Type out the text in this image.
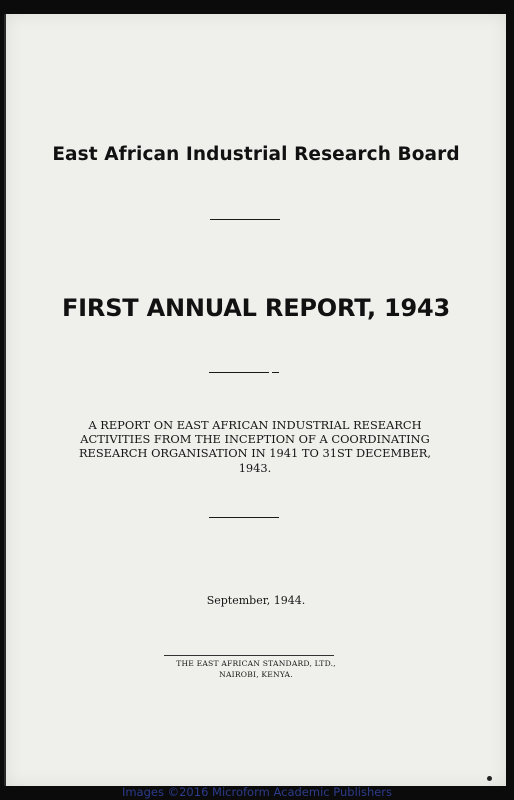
East African Industrial Research Board
FIRST ANNUAL REPORT, 1943
A REPORT ON EAST AFRICAN INDUSTRIAL RESEARCH
ACTIVITIES FROM THE INCEPTION OF A COORDINATING
RESEARCH ORGANISATION IN 1941 TO 31ST DECEMBER,
1943.
September, 1944.
THE EAST AFRICAN STANDARD, LTD.,
NAIROBI, KENYA.
Images ©2016 Microform Academic Publishers
